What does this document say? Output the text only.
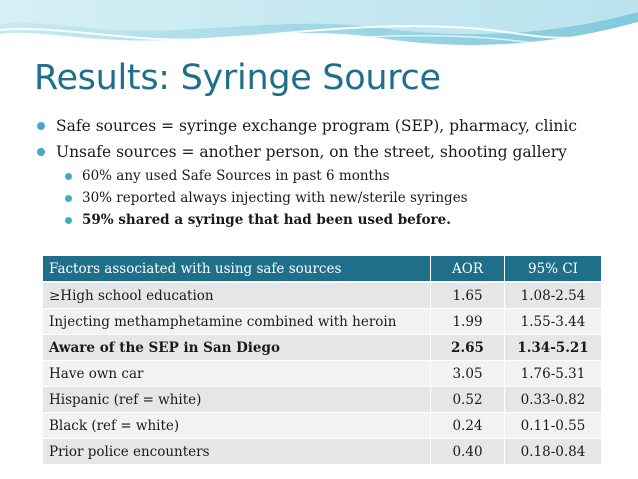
Results: Syringe Source
Safe sources = syringe exchange program (SEP), pharmacy, clinic
Unsafe sources = another person, on the street, shooting gallery
60% any used Safe Sources in past 6 months
30% reported always injecting with new/sterile syringes
59% shared a syringe that had been used before.
Factors associated with using safe sources	AOR	95% CI
≥High school education	1.65	1.08-2.54
Injecting methamphetamine combined with heroin	1.99	1.55-3.44
Aware of the SEP in San Diego	2.65	1.34-5.21
Have own car	3.05	1.76-5.31
Hispanic (ref = white)	0.52	0.33-0.82
Black (ref = white)	0.24	0.11-0.55
Prior police encounters	0.40	0.18-0.84
